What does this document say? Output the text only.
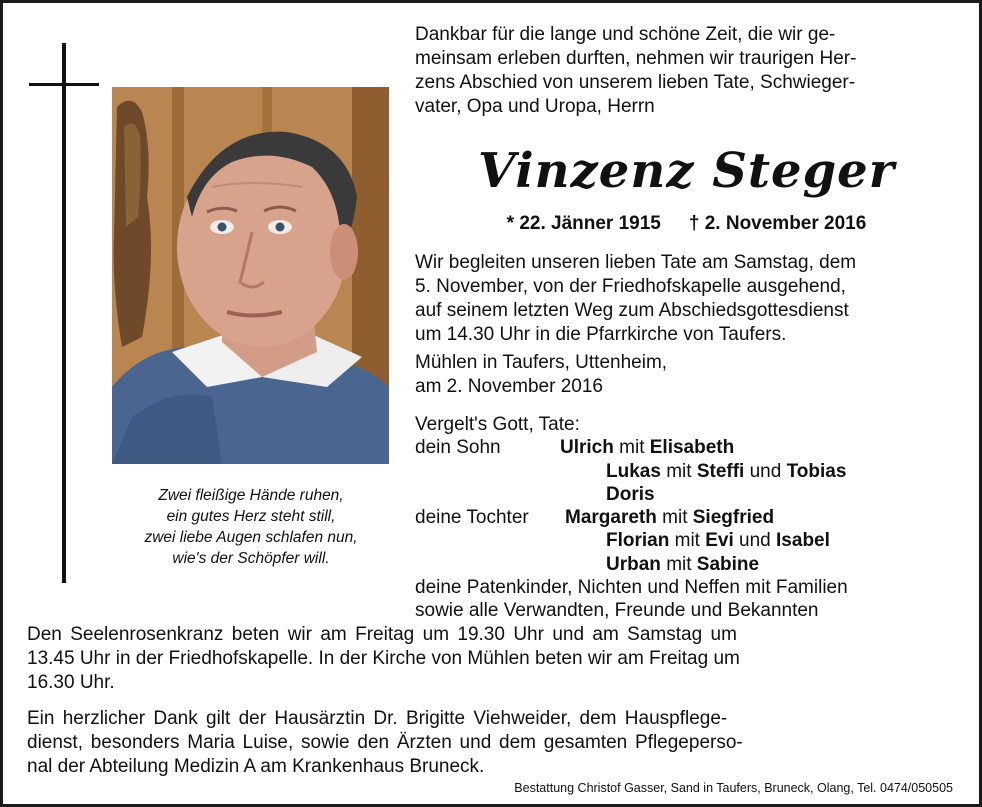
Zwei fleißige Hände ruhen,
ein gutes Herz steht still,
zwei liebe Augen schlafen nun,
wie's der Schöpfer will.
Dankbar für die lange und schöne Zeit, die wir ge-
meinsam erleben durften, nehmen wir traurigen Her-
zens Abschied von unserem lieben Tate, Schwieger-
vater, Opa und Uropa, Herrn
Vinzenz Steger
* 22. Jänner 1915 † 2. November 2016
Wir begleiten unseren lieben Tate am Samstag, dem
5. November, von der Friedhofskapelle ausgehend,
auf seinem letzten Weg zum Abschiedsgottesdienst
um 14.30 Uhr in die Pfarrkirche von Taufers.
Mühlen in Taufers, Uttenheim,
am 2. November 2016
Vergelt's Gott, Tate:
dein Sohn	Ulrich mit Elisabeth
Lukas mit Steffi und Tobias
Doris
deine Tochter Margareth mit Siegfried
Florian mit Evi und Isabel
Urban mit Sabine
deine Patenkinder, Nichten und Neffen mit Familien
sowie alle Verwandten, Freunde und Bekannten
Den Seelenrosenkranz beten wir am Freitag um 19.30 Uhr und am Samstag um
13.45 Uhr in der Friedhofskapelle. In der Kirche von Mühlen beten wir am Freitag um
16.30 Uhr.
Ein herzlicher Dank gilt der Hausärztin Dr. Brigitte Viehweider, dem Hauspflege-
dienst, besonders Maria Luise, sowie den Ärzten und dem gesamten Pflegeperso-
nal der Abteilung Medizin A am Krankenhaus Bruneck.
Bestattung Christof Gasser, Sand in Taufers, Bruneck, Olang, Tel. 0474/050505
